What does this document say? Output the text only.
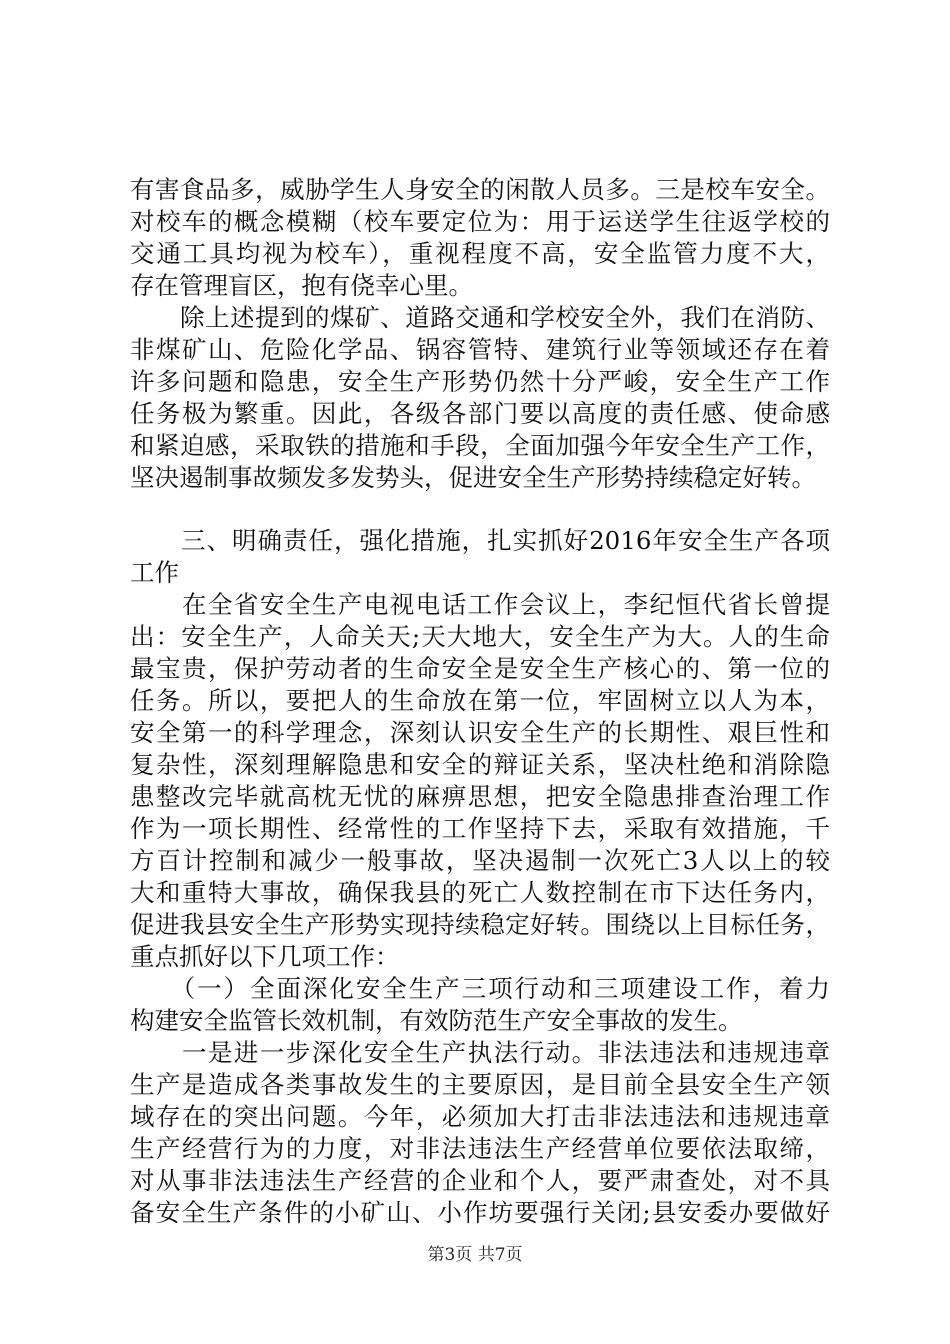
有害食品多，威胁学生人身安全的闲散人员多。三是校车安全。
对校车的概念模糊（校车要定位为：用于运送学生往返学校的
交通工具均视为校车），重视程度不高，安全监管力度不大，
存在管理盲区，抱有侥幸心里。
　　除上述提到的煤矿、道路交通和学校安全外，我们在消防、
非煤矿山、危险化学品、锅容管特、建筑行业等领域还存在着
许多问题和隐患，安全生产形势仍然十分严峻，安全生产工作
任务极为繁重。因此，各级各部门要以高度的责任感、使命感
和紧迫感，采取铁的措施和手段，全面加强今年安全生产工作，
坚决遏制事故频发多发势头，促进安全生产形势持续稳定好转。
　　三、明确责任，强化措施，扎实抓好2016年安全生产各项
工作
　　在全省安全生产电视电话工作会议上，李纪恒代省长曾提
出：安全生产，人命关天;天大地大，安全生产为大。人的生命
最宝贵，保护劳动者的生命安全是安全生产核心的、第一位的
任务。所以，要把人的生命放在第一位，牢固树立以人为本，
安全第一的科学理念，深刻认识安全生产的长期性、艰巨性和
复杂性，深刻理解隐患和安全的辩证关系，坚决杜绝和消除隐
患整改完毕就高枕无忧的麻痹思想，把安全隐患排查治理工作
作为一项长期性、经常性的工作坚持下去，采取有效措施，千
方百计控制和减少一般事故，坚决遏制一次死亡3人以上的较
大和重特大事故，确保我县的死亡人数控制在市下达任务内，
促进我县安全生产形势实现持续稳定好转。围绕以上目标任务，
重点抓好以下几项工作：
　　（一）全面深化安全生产三项行动和三项建设工作，着力
构建安全监管长效机制，有效防范生产安全事故的发生。
　　一是进一步深化安全生产执法行动。非法违法和违规违章
生产是造成各类事故发生的主要原因，是目前全县安全生产领
域存在的突出问题。今年，必须加大打击非法违法和违规违章
生产经营行为的力度，对非法违法生产经营单位要依法取缔，
对从事非法违法生产经营的企业和个人，要严肃查处，对不具
备安全生产条件的小矿山、小作坊要强行关闭;县安委办要做好
第3页 共7页
